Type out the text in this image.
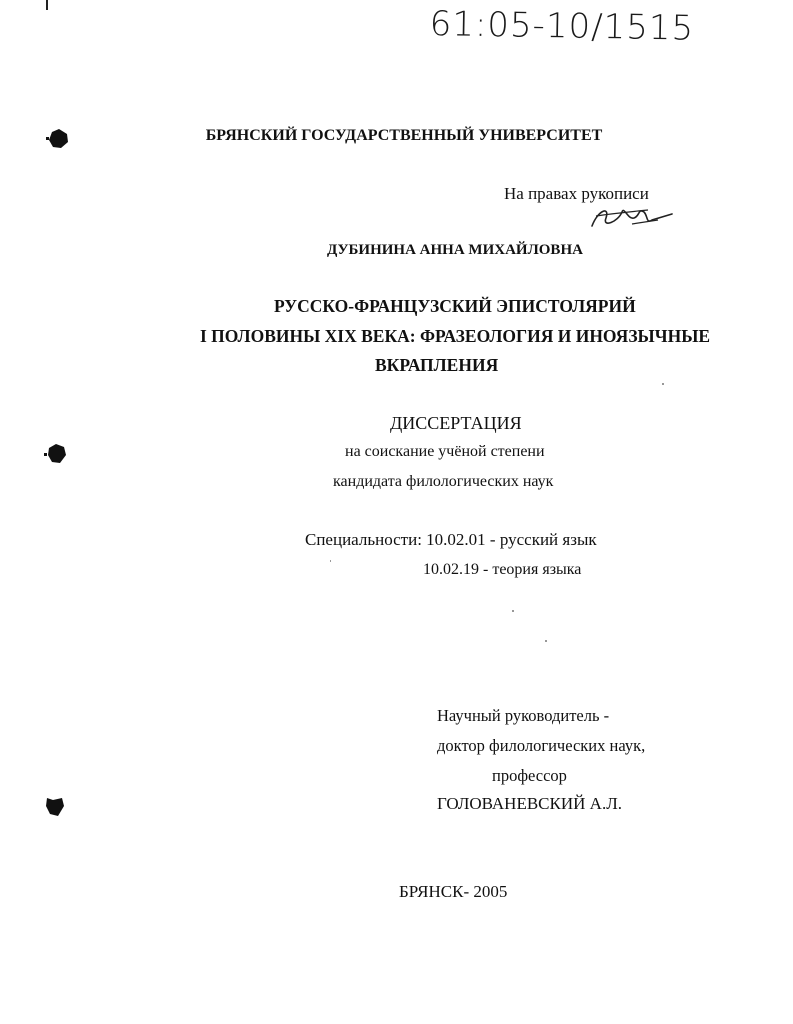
61:05-10/1515
БРЯНСКИЙ ГОСУДАРСТВЕННЫЙ УНИВЕРСИТЕТ
На правах рукописи
ДУБИНИНА АННА МИХАЙЛОВНА
РУССКО-ФРАНЦУЗСКИЙ ЭПИСТОЛЯРИЙ
I ПОЛОВИНЫ XIX ВЕКА: ФРАЗЕОЛОГИЯ И ИНОЯЗЫЧНЫЕ
ВКРАПЛЕНИЯ
ДИССЕРТАЦИЯ
на соискание учёной степени
кандидата филологических наук
Специальности: 10.02.01 - русский язык
10.02.19 - теория языка
Научный руководитель -
доктор филологических наук,
профессор
ГОЛОВАНЕВСКИЙ А.Л.
БРЯНСК- 2005
